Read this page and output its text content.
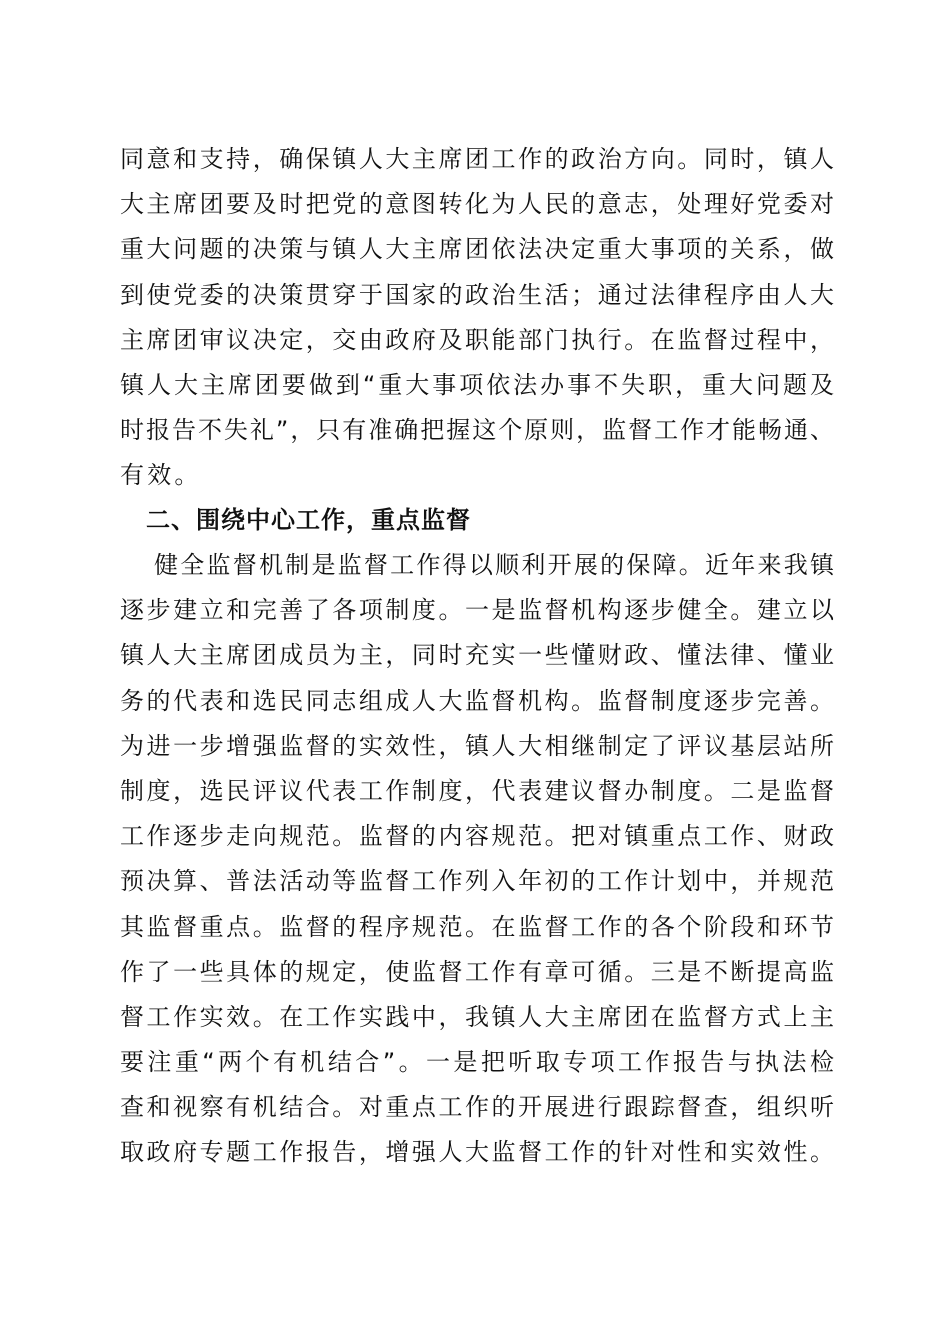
同意和支持，确保镇人大主席团工作的政治方向。同时，镇人
大主席团要及时把党的意图转化为人民的意志，处理好党委对
重大问题的决策与镇人大主席团依法决定重大事项的关系，做
到使党委的决策贯穿于国家的政治生活；通过法律程序由人大
主席团审议决定，交由政府及职能部门执行。在监督过程中，
镇人大主席团要做到“重大事项依法办事不失职，重大问题及
时报告不失礼”，只有准确把握这个原则，监督工作才能畅通、
有效。
二、围绕中心工作，重点监督
健全监督机制是监督工作得以顺利开展的保障。近年来我镇
逐步建立和完善了各项制度。一是监督机构逐步健全。建立以
镇人大主席团成员为主，同时充实一些懂财政、懂法律、懂业
务的代表和选民同志组成人大监督机构。监督制度逐步完善。
为进一步增强监督的实效性，镇人大相继制定了评议基层站所
制度，选民评议代表工作制度，代表建议督办制度。二是监督
工作逐步走向规范。监督的内容规范。把对镇重点工作、财政
预决算、普法活动等监督工作列入年初的工作计划中，并规范
其监督重点。监督的程序规范。在监督工作的各个阶段和环节
作了一些具体的规定，使监督工作有章可循。三是不断提高监
督工作实效。在工作实践中，我镇人大主席团在监督方式上主
要注重“两个有机结合”。一是把听取专项工作报告与执法检
查和视察有机结合。对重点工作的开展进行跟踪督查，组织听
取政府专题工作报告，增强人大监督工作的针对性和实效性。
